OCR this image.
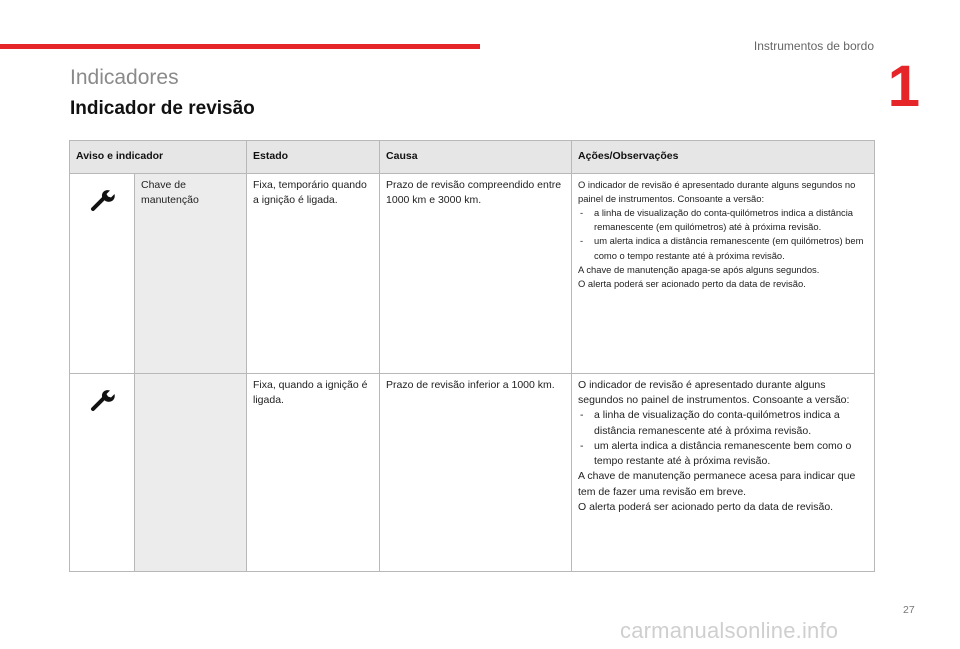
Instrumentos de bordo
1
Indicadores
Indicador de revisão
Aviso e indicador		Estado	Causa	Ações/Observações

	Chave de manutenção	Fixa, temporário quando a ignição é ligada.	Prazo de revisão compreendido entre 1000 km e 3000 km.	O indicador de revisão é apresentado durante alguns segundos no painel de instrumentos. Consoante a versão:
- a linha de visualização do conta-quilómetros indica a distância remanescente (em quilómetros) até à próxima revisão.
- um alerta indica a distância remanescente (em quilómetros) bem como o tempo restante até à próxima revisão.
A chave de manutenção apaga-se após alguns segundos.
O alerta poderá ser acionado perto da data de revisão.

		Fixa, quando a ignição é ligada.	Prazo de revisão inferior a 1000 km.	O indicador de revisão é apresentado durante alguns segundos no painel de instrumentos. Consoante a versão:
- a linha de visualização do conta-quilómetros indica a distância remanescente até à próxima revisão.
- um alerta indica a distância remanescente bem como o tempo restante até à próxima revisão.
A chave de manutenção permanece acesa para indicar que tem de fazer uma revisão em breve.
O alerta poderá ser acionado perto da data de revisão.
27
carmanualsonline.info
